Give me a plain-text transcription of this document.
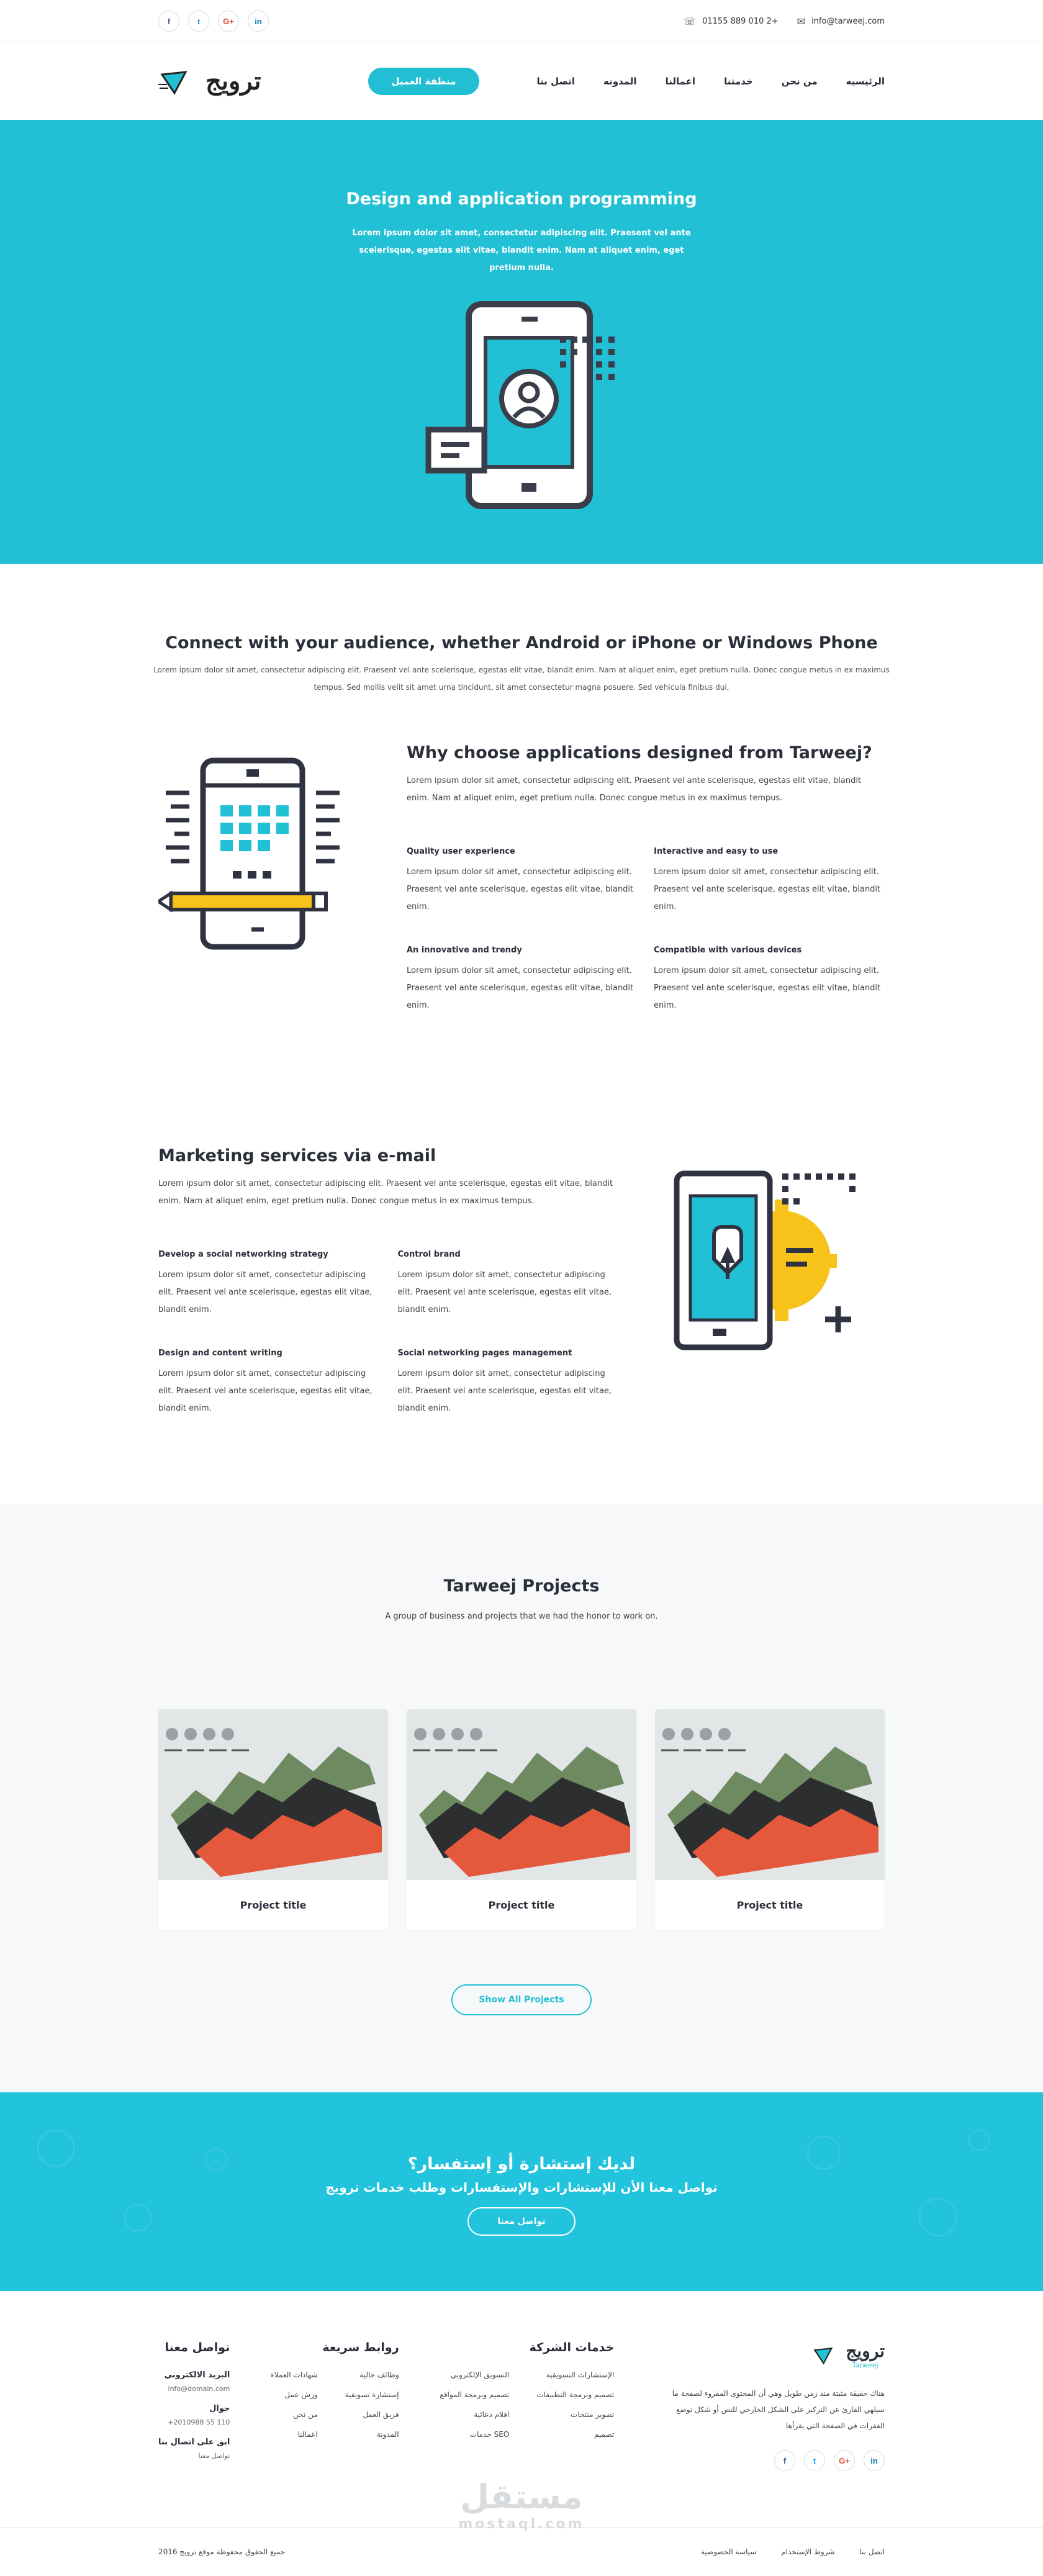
f	t	G+	in	☏ 01155 889 010 2+ ✉ info@tarweej.com
ترويج	الرئيسيه
من نحن
خدمتنا
اعمالنا
المدونه
اتصل بنا
منطقة العميل
Design and application programming

Lorem ipsum dolor sit amet, consectetur adipiscing elit. Praesent vel ante scelerisque, egestas elit vitae, blandit enim. Nam at aliquet enim, eget pretium nulla.

Connect with your audience, whether Android or iPhone or Windows Phone

Lorem ipsum dolor sit amet, consectetur adipiscing elit. Praesent vel ante scelerisque, egestas elit vitae, blandit enim. Nam at aliquet enim, eget pretium nulla. Donec congue metus in ex maximus tempus. Sed mollis velit sit amet urna tincidunt, sit amet consectetur magna posuere. Sed vehicula finibus dui,

Why choose applications designed from Tarweej?

Lorem ipsum dolor sit amet, consectetur adipiscing elit. Praesent vel ante scelerisque, egestas elit vitae, blandit enim. Nam at aliquet enim, eget pretium nulla. Donec congue metus in ex maximus tempus.

Quality user experience

Lorem ipsum dolor sit amet, consectetur adipiscing elit. Praesent vel ante scelerisque, egestas elit vitae, blandit enim.

Interactive and easy to use

Lorem ipsum dolor sit amet, consectetur adipiscing elit. Praesent vel ante scelerisque, egestas elit vitae, blandit enim.

An innovative and trendy

Lorem ipsum dolor sit amet, consectetur adipiscing elit. Praesent vel ante scelerisque, egestas elit vitae, blandit enim.

Compatible with various devices

Lorem ipsum dolor sit amet, consectetur adipiscing elit. Praesent vel ante scelerisque, egestas elit vitae, blandit enim.

Marketing services via e-mail

Lorem ipsum dolor sit amet, consectetur adipiscing elit. Praesent vel ante scelerisque, egestas elit vitae, blandit enim. Nam at aliquet enim, eget pretium nulla. Donec congue metus in ex maximus tempus.

Develop a social networking strategy

Lorem ipsum dolor sit amet, consectetur adipiscing elit. Praesent vel ante scelerisque, egestas elit vitae, blandit enim.

Control brand

Lorem ipsum dolor sit amet, consectetur adipiscing elit. Praesent vel ante scelerisque, egestas elit vitae, blandit enim.

Design and content writing

Lorem ipsum dolor sit amet, consectetur adipiscing elit. Praesent vel ante scelerisque, egestas elit vitae, blandit enim.

Social networking pages management

Lorem ipsum dolor sit amet, consectetur adipiscing elit. Praesent vel ante scelerisque, egestas elit vitae, blandit enim.

Tarweej Projects

A group of business and projects that we had the honor to work on.

Project title	Project title	Project title
Show All Projects
لديك إستشارة أو إستفسار؟

تواصل معنا الأن للإستشارات والإستفسارات وطلب خدمات ترويج

تواصل معنا
ترويج
Tarweej

هناك حقيقة مثبتة منذ زمن طويل وهي أن المحتوى المقروء لصفحة ما سيلهي القارئ عن التركيز على الشكل الخارجي للنص أو شكل توضع الفقرات في الصفحة التي يقرأها

f	t	G+	in
خدمات الشركة
الإستشارات التسويقية
تصميم وبرمجة التطبيقات
تصوير منتجات
تصميم
التسويق الإلكتروني
تصميم وبرمجة المواقع
افلام دعائية
SEO خدمات
روابط سريعة
وظائف خالية
إستشارة تسويقية
فريق العمل
المدونة
شهادات العملاء
ورش عمل
من نحن
اعمالنا
تواصل معنا
البريد الالكتروني
info@domain.com
جوال
+2010988 55 110
ابق على اتصال بنا
تواصل معنا
مستقل
mostaql.com
اتصل بنا
شروط الإستخدام
سياسة الخصوصية
جميع الحقوق محفوظة موقع ترويج 2016
